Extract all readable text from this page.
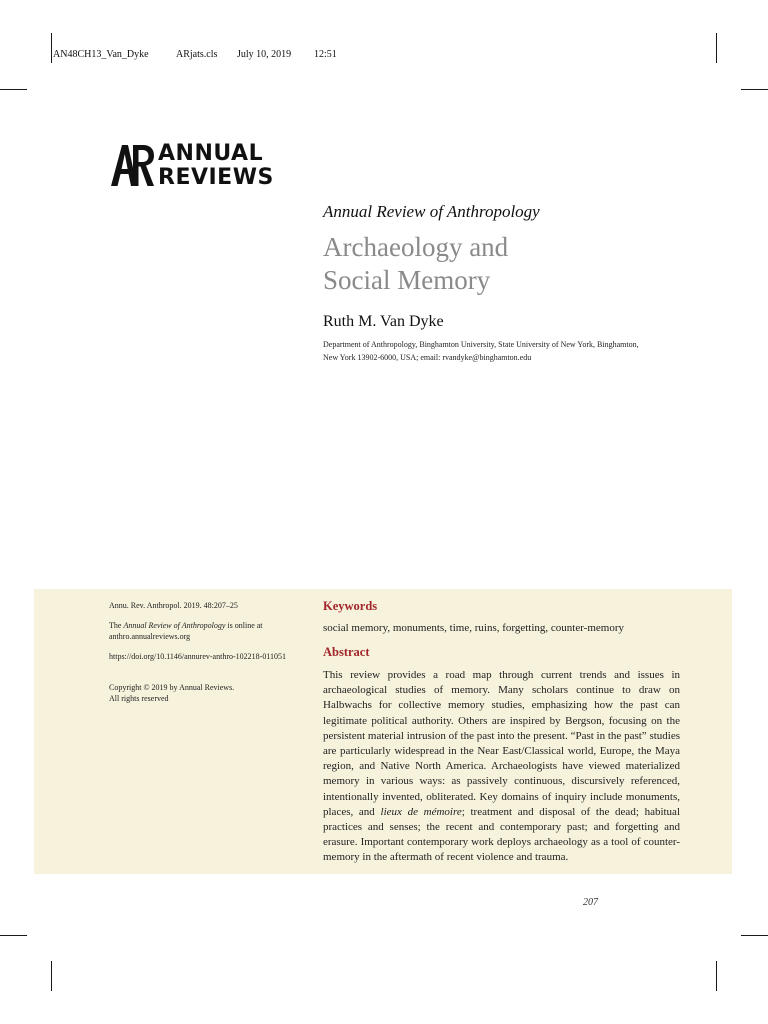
AN48CH13_Van_Dyke	ARjats.cls July 10, 2019 12:51
ANNUAL
REVIEWS
Annual Review of Anthropology
Archaeology and
Social Memory
Ruth M. Van Dyke
Department of Anthropology, Binghamton University, State University of New York, Binghamton, New York 13902-6000, USA; email: rvandyke@binghamton.edu
Annu. Rev. Anthropol. 2019. 48:207–25
The Annual Review of Anthropology is online at anthro.annualreviews.org
https://doi.org/10.1146/annurev-anthro-102218-011051
Copyright © 2019 by Annual Reviews.
All rights reserved
Keywords
social memory, monuments, time, ruins, forgetting, counter-memory
Abstract
This review provides a road map through current trends and issues in archaeological studies of memory. Many scholars continue to draw on Halbwachs for collective memory studies, emphasizing how the past can legitimate political authority. Others are inspired by Bergson, focusing on the persistent material intrusion of the past into the present. “Past in the past” studies are particularly widespread in the Near East/Classical world, Europe, the Maya region, and Native North America. Archaeologists have viewed materialized memory in various ways: as passively continuous, discursively referenced, intentionally invented, obliterated. Key domains of inquiry include monuments, places, and lieux de mémoire; treatment and disposal of the dead; habitual practices and senses; the recent and contemporary past; and forgetting and erasure. Important contemporary work deploys archaeology as a tool of counter-memory in the aftermath of recent violence and trauma.
207
